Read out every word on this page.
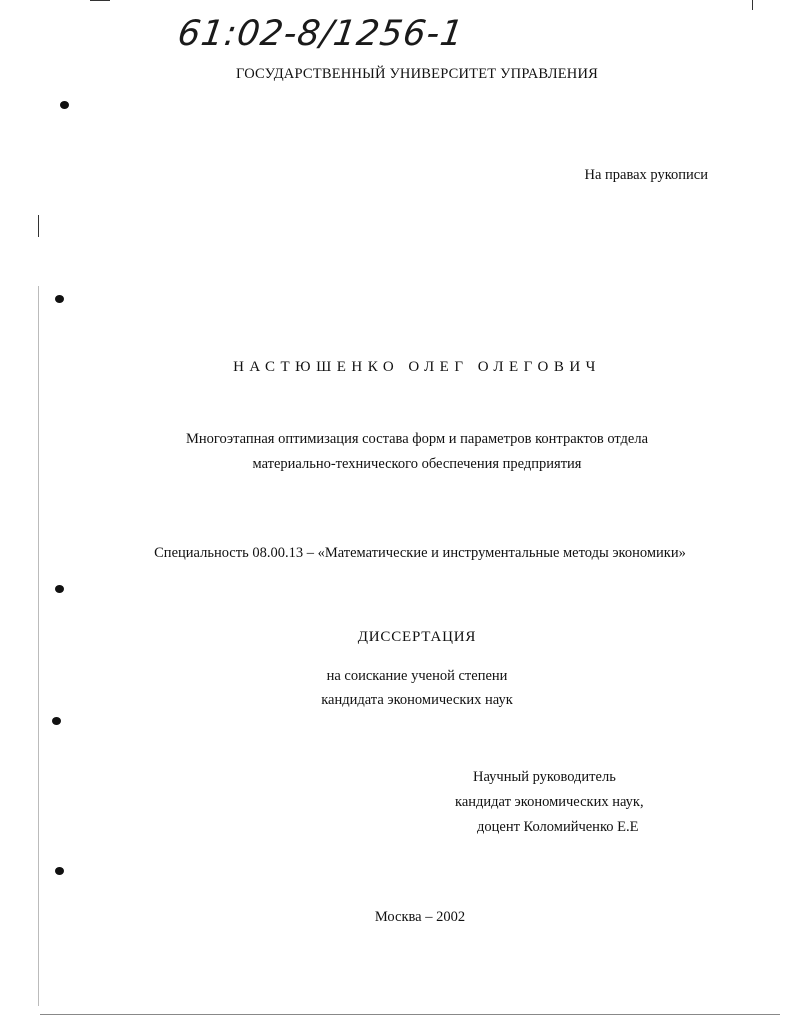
61:02-8/1256-1
ГОСУДАРСТВЕННЫЙ УНИВЕРСИТЕТ УПРАВЛЕНИЯ
На правах рукописи
НАСТЮШЕНКО ОЛЕГ ОЛЕГОВИЧ
Многоэтапная оптимизация состава форм и параметров контрактов отдела
материально-технического обеспечения предприятия
Специальность 08.00.13 – «Математические и инструментальные методы экономики»
ДИССЕРТАЦИЯ
на соискание ученой степени
кандидата экономических наук
Научный руководитель
кандидат экономических наук,
доцент Коломийченко Е.Е
Москва – 2002
